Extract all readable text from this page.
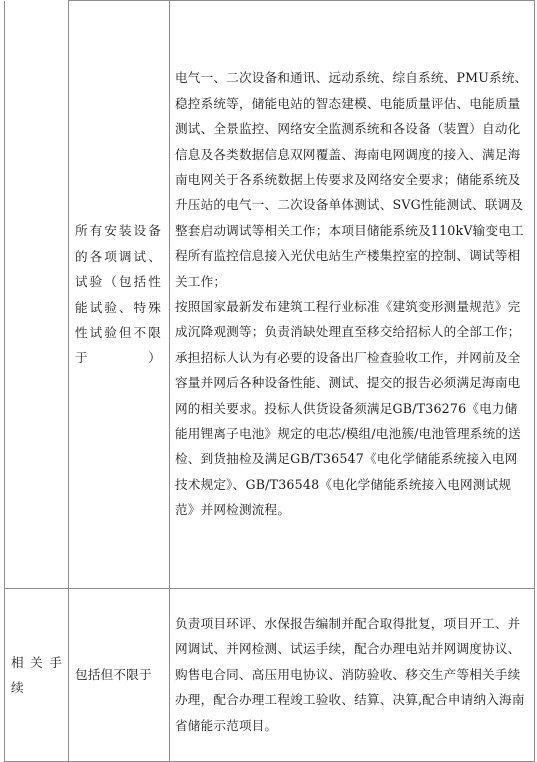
	所有安装设备的各项调试、试验（包括性能试验、特殊性试验但不限于）	电气一、二次设备和通讯、远动系统、综自系统、PMU系统、稳控系统等，储能电站的智态建模、电能质量评估、电能质量测试、全景监控、网络安全监测系统和各设备（装置）自动化信息及各类数据信息双网覆盖、海南电网调度的接入、满足海南电网关于各系统数据上传要求及网络安全要求；储能系统及升压站的电气一、二次设备单体测试、SVG性能测试、联调及整套启动调试等相关工作；本项目储能系统及110kV输变电工程所有监控信息接入光伏电站生产楼集控室的控制、调试等相关工作；
按照国家最新发布建筑工程行业标准《建筑变形测量规范》完成沉降观测等；负责消缺处理直至移交给招标人的全部工作；
承担招标人认为有必要的设备出厂检查验收工作，并网前及全容量并网后各种设备性能、测试、提交的报告必须满足海南电网的相关要求。投标人供货设备须满足GB/T36276《电力储能用锂离子电池》规定的电芯/模组/电池簇/电池管理系统的送检、到货抽检及满足GB/T36547《电化学储能系统接入电网技术规定》、GB/T36548《电化学储能系统接入电网测试规范》并网检测流程。

相关手续	包括但不限于	负责项目环评、水保报告编制并配合取得批复，项目开工、并网调试、并网检测、试运手续，配合办理电站并网调度协议、购售电合同、高压用电协议、消防验收、移交生产等相关手续办理，配合办理工程竣工验收、结算、决算,配合申请纳入海南省储能示范项目。
